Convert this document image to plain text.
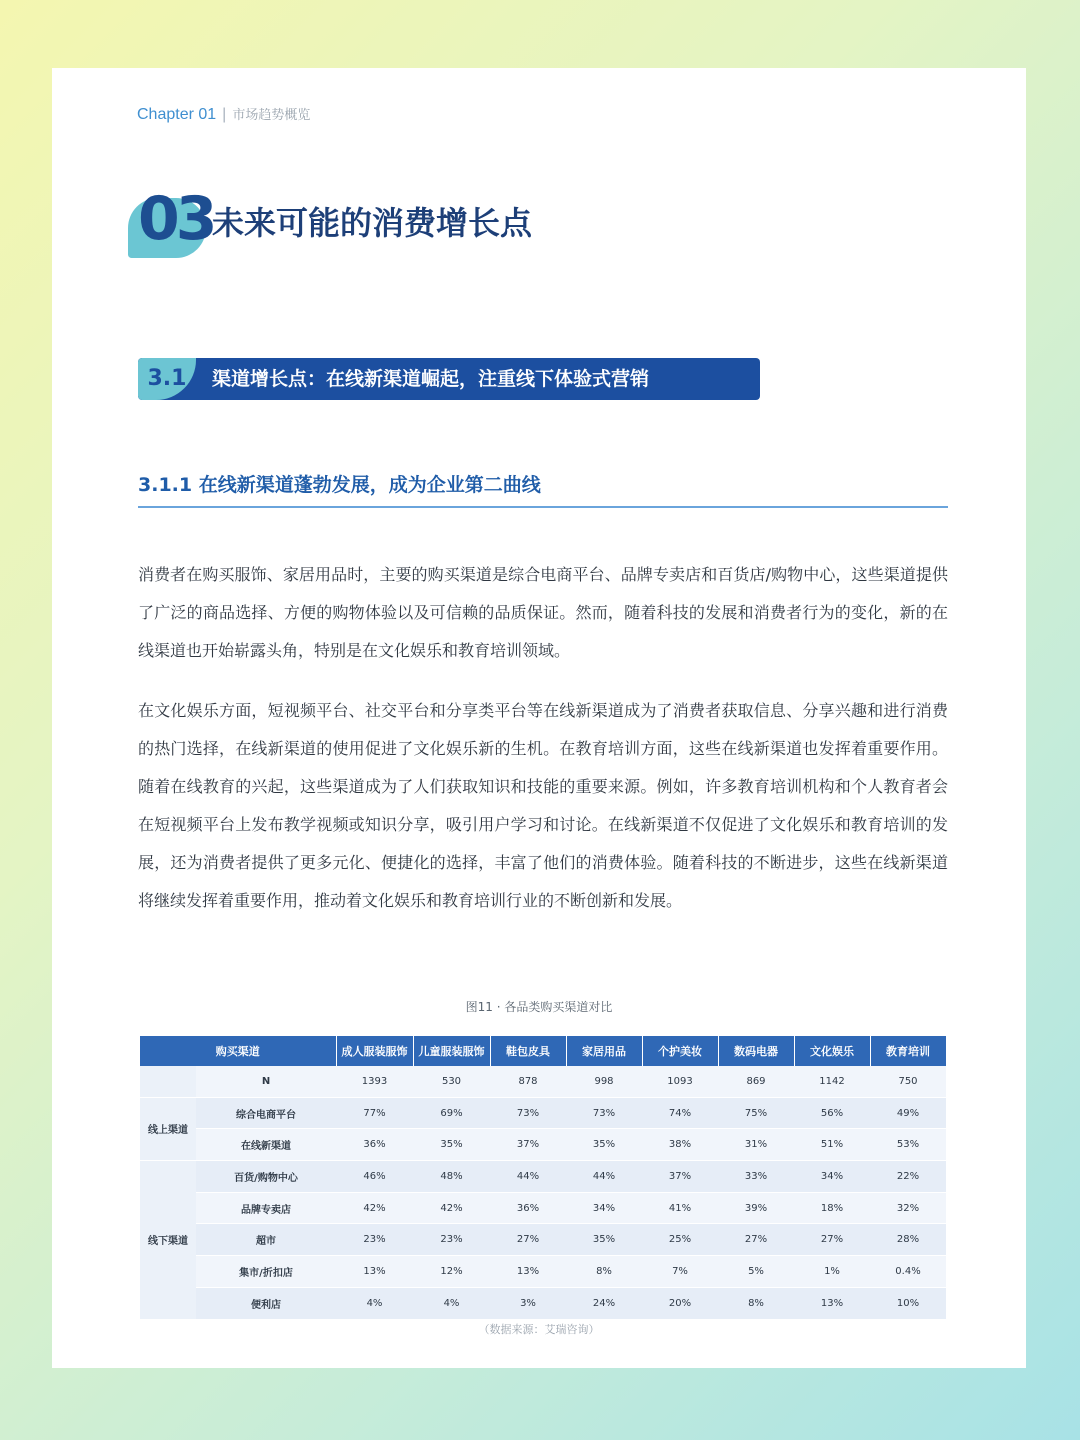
Chapter 01 | 市场趋势概览
03
未来可能的消费增长点
3.1	渠道增长点：在线新渠道崛起，注重线下体验式营销
3.1.1 在线新渠道蓬勃发展，成为企业第二曲线

消费者在购买服饰、家居用品时，主要的购买渠道是综合电商平台、品牌专卖店和百货店/购物中心，这些渠道提供了广泛的商品选择、方便的购物体验以及可信赖的品质保证。然而，随着科技的发展和消费者行为的变化，新的在线渠道也开始崭露头角，特别是在文化娱乐和教育培训领域。

在文化娱乐方面，短视频平台、社交平台和分享类平台等在线新渠道成为了消费者获取信息、分享兴趣和进行消费的热门选择，在线新渠道的使用促进了文化娱乐新的生机。在教育培训方面，这些在线新渠道也发挥着重要作用。随着在线教育的兴起，这些渠道成为了人们获取知识和技能的重要来源。例如，许多教育培训机构和个人教育者会在短视频平台上发布教学视频或知识分享，吸引用户学习和讨论。在线新渠道不仅促进了文化娱乐和教育培训的发展，还为消费者提供了更多元化、便捷化的选择，丰富了他们的消费体验。随着科技的不断进步，这些在线新渠道将继续发挥着重要作用，推动着文化娱乐和教育培训行业的不断创新和发展。

图11 · 各品类购买渠道对比
购买渠道		成人服装服饰	儿童服装服饰	鞋包皮具	家居用品	个护美妆	数码电器	文化娱乐	教育培训
	N	1393	530	878	998	1093	869	1142	750
线上渠道	综合电商平台	77%	69%	73%	73%	74%	75%	56%	49%
	在线新渠道	36%	35%	37%	35%	38%	31%	51%	53%
线下渠道	百货/购物中心	46%	48%	44%	44%	37%	33%	34%	22%
	品牌专卖店	42%	42%	36%	34%	41%	39%	18%	32%
	超市	23%	23%	27%	35%	25%	27%	27%	28%
	集市/折扣店	13%	12%	13%	8%	7%	5%	1%	0.4%
	便利店	4%	4%	3%	24%	20%	8%	13%	10%
（数据来源：艾瑞咨询）
